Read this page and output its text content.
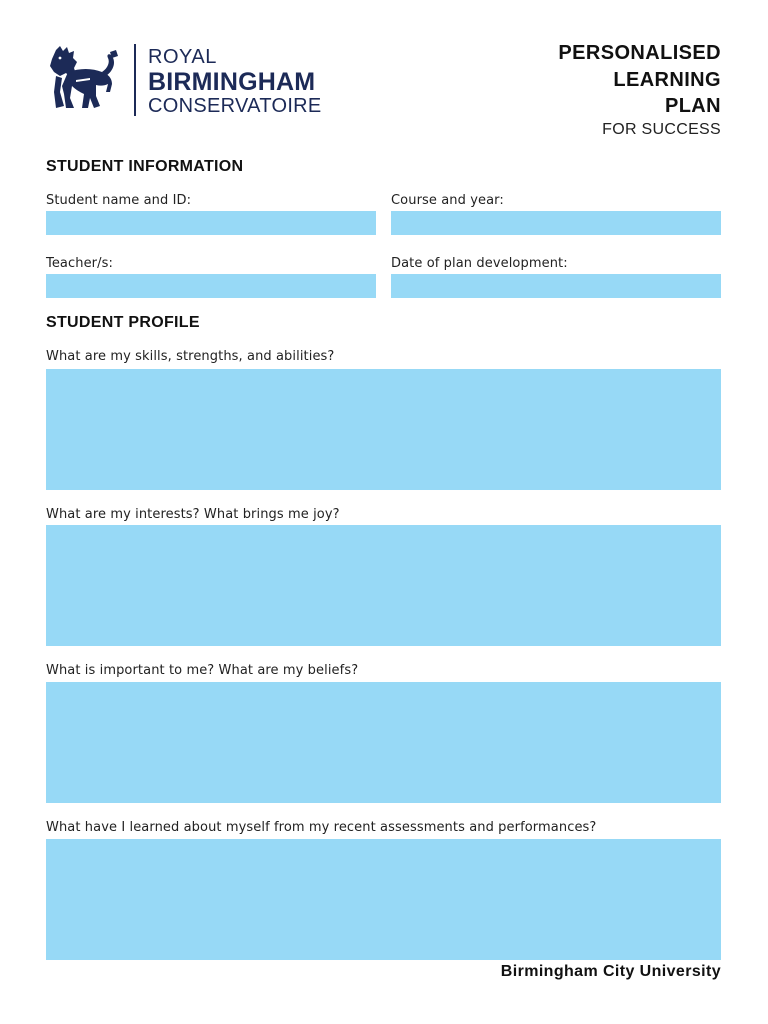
ROYAL
BIRMINGHAM
CONSERVATOIRE
PERSONALISED
LEARNING
PLAN
FOR SUCCESS
STUDENT INFORMATION
Student name and ID:	Course and year:
Teacher/s:	Date of plan development:
STUDENT PROFILE
What are my skills, strengths, and abilities?
What are my interests? What brings me joy?
What is important to me? What are my beliefs?
What have I learned about myself from my recent assessments and performances?
Birmingham City University
